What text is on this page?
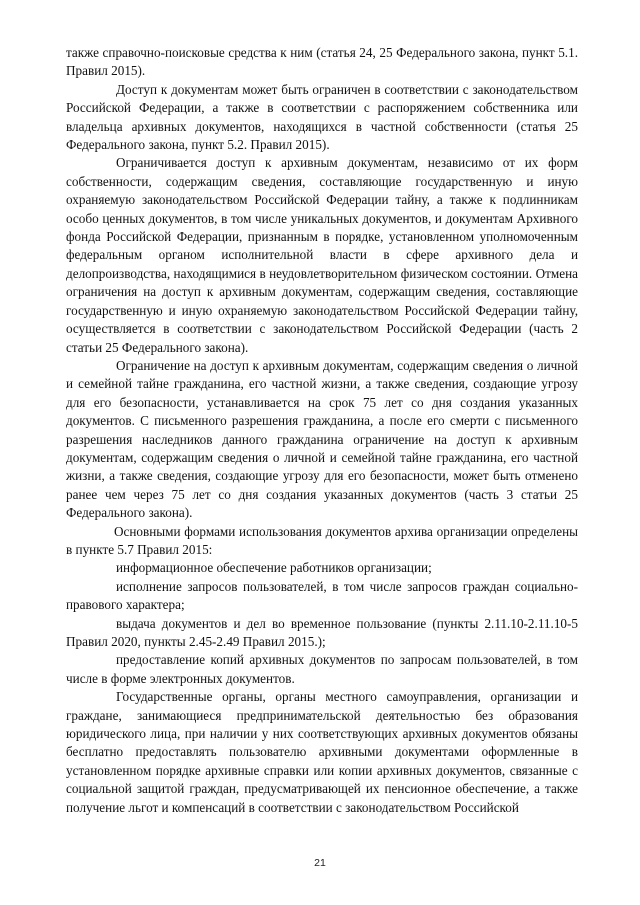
также справочно-поисковые средства к ним (статья 24, 25 Федерального закона, пункт 5.1. Правил 2015).

Доступ к документам может быть ограничен в соответствии с законодательством Российской Федерации, а также в соответствии с распоряжением собственника или владельца архивных документов, находящихся в частной собственности (статья 25 Федерального закона, пункт 5.2. Правил 2015).

Ограничивается доступ к архивным документам, независимо от их форм собственности, содержащим сведения, составляющие государственную и иную охраняемую законодательством Российской Федерации тайну, а также к подлинникам особо ценных документов, в том числе уникальных документов, и документам Архивного фонда Российской Федерации, признанным в порядке, установленном уполномоченным федеральным органом исполнительной власти в сфере архивного дела и делопроизводства, находящимися в неудовлетворительном физическом состоянии. Отмена ограничения на доступ к архивным документам, содержащим сведения, составляющие государственную и иную охраняемую законодательством Российской Федерации тайну, осуществляется в соответствии с законодательством Российской Федерации (часть 2 статьи 25 Федерального закона).

Ограничение на доступ к архивным документам, содержащим сведения о личной и семейной тайне гражданина, его частной жизни, а также сведения, создающие угрозу для его безопасности, устанавливается на срок 75 лет со дня создания указанных документов. С письменного разрешения гражданина, а после его смерти с письменного разрешения наследников данного гражданина ограничение на доступ к архивным документам, содержащим сведения о личной и семейной тайне гражданина, его частной жизни, а также сведения, создающие угрозу для его безопасности, может быть отменено ранее чем через 75 лет со дня создания указанных документов (часть 3 статьи 25 Федерального закона).

Основными формами использования документов архива организации определены в пункте 5.7 Правил 2015:

информационное обеспечение работников организации;

исполнение запросов пользователей, в том числе запросов граждан социально-правового характера;

выдача документов и дел во временное пользование (пункты 2.11.10-2.11.10-5 Правил 2020, пункты 2.45-2.49 Правил 2015.);

предоставление копий архивных документов по запросам пользователей, в том числе в форме электронных документов.

Государственные органы, органы местного самоуправления, организации и граждане, занимающиеся предпринимательской деятельностью без образования юридического лица, при наличии у них соответствующих архивных документов обязаны бесплатно предоставлять пользователю архивными документами оформленные в установленном порядке архивные справки или копии архивных документов, связанные с социальной защитой граждан, предусматривающей их пенсионное обеспечение, а также получение льгот и компенсаций в соответствии с законодательством Российской

21
